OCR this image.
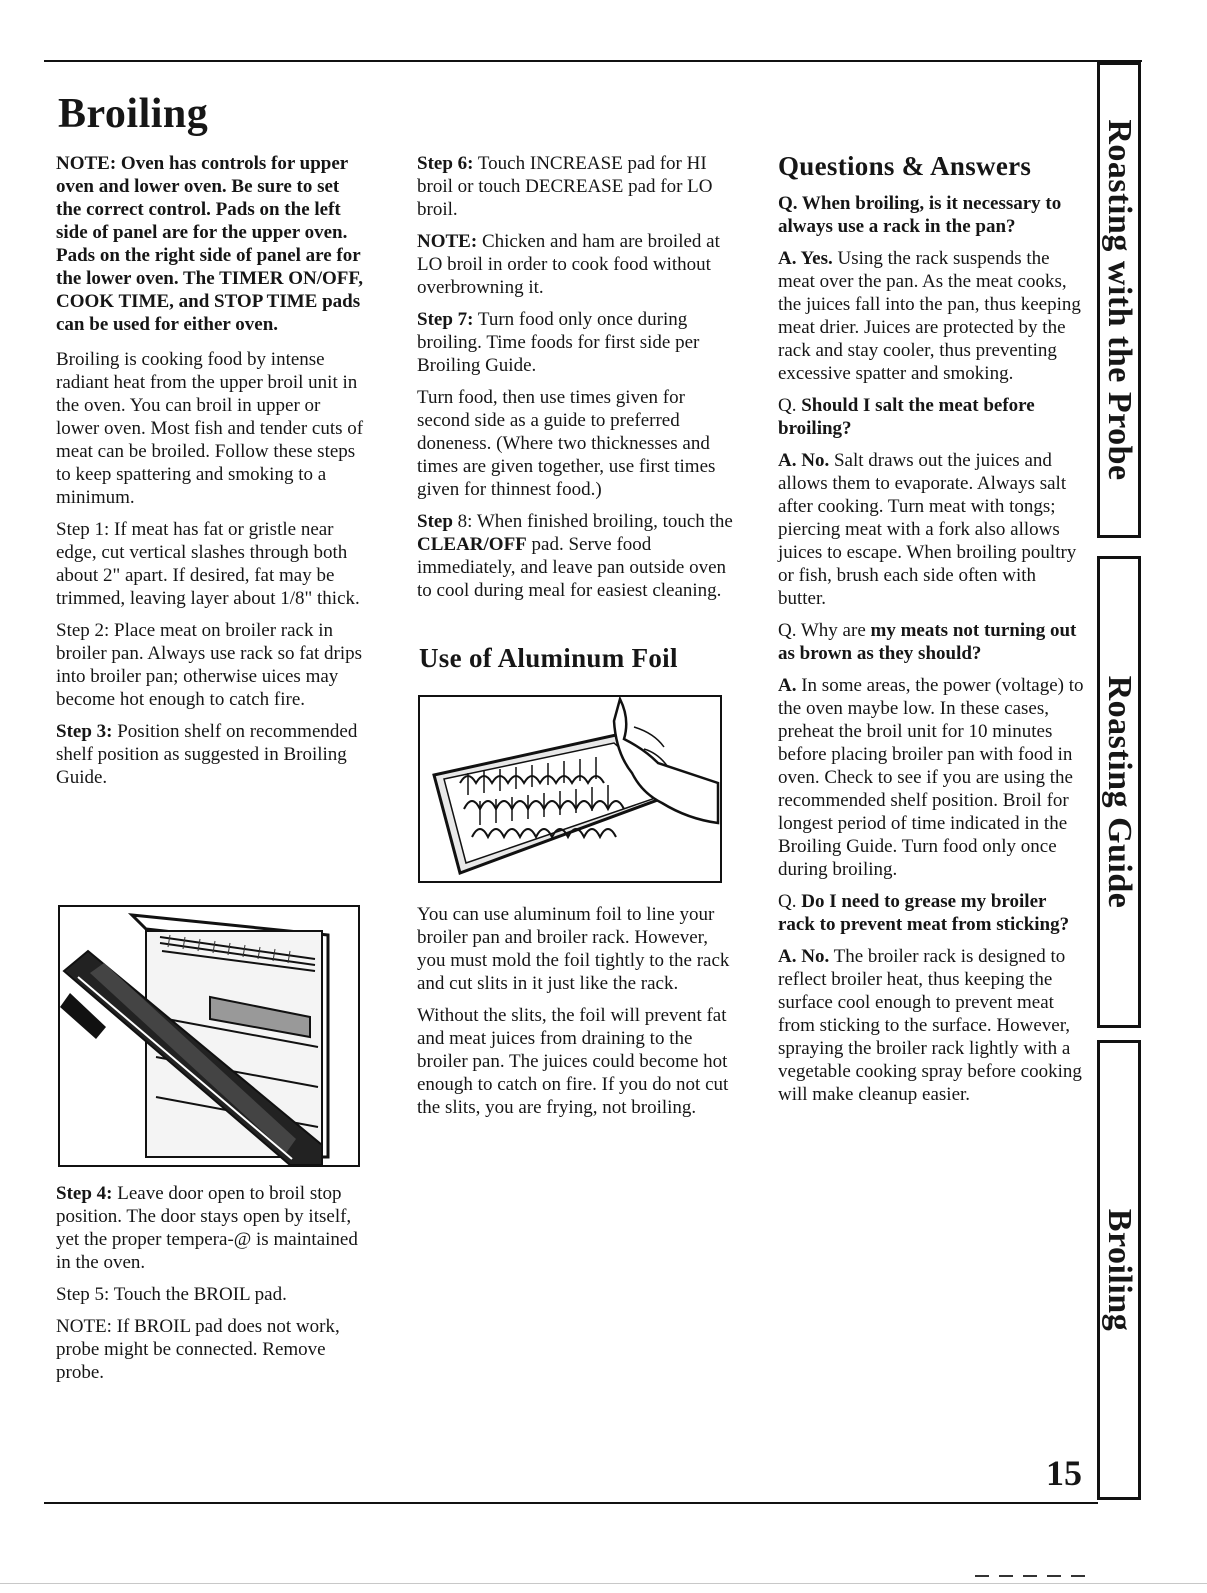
Broiling

NOTE: Oven has controls for upper oven and lower oven. Be sure to set the correct control. Pads on the left side of panel are for the upper oven. Pads on the right side of panel are for the lower oven. The TIMER ON/OFF, COOK TIME, and STOP TIME pads can be used for either oven.

Broiling is cooking food by intense radiant heat from the upper broil unit in the oven. You can broil in upper or lower oven. Most fish and tender cuts of meat can be broiled. Follow these steps to keep spattering and smoking to a minimum.

Step 1: If meat has fat or gristle near edge, cut vertical slashes through both about 2" apart. If desired, fat may be trimmed, leaving layer about 1/8" thick.

Step 2: Place meat on broiler rack in broiler pan. Always use rack so fat drips into broiler pan; otherwise uices may become hot enough to catch fire.

Step 3: Position shelf on recommended shelf position as suggested in Broiling Guide.

Step 4: Leave door open to broil stop position. The door stays open by itself, yet the proper tempera-@ is maintained in the oven.

Step 5: Touch the BROIL pad.

NOTE: If BROIL pad does not work, probe might be connected. Remove probe.

Step 6: Touch INCREASE pad for HI broil or touch DECREASE pad for LO broil.

NOTE: Chicken and ham are broiled at LO broil in order to cook food without overbrowning it.

Step 7: Turn food only once during broiling. Time foods for first side per Broiling Guide.

Turn food, then use times given for second side as a guide to preferred doneness. (Where two thicknesses and times are given together, use first times given for thinnest food.)

Step 8: When finished broiling, touch the CLEAR/OFF pad. Serve food immediately, and leave pan outside oven to cool during meal for easiest cleaning.

Use of Aluminum Foil

You can use aluminum foil to line your broiler pan and broiler rack. However, you must mold the foil tightly to the rack and cut slits in it just like the rack.

Without the slits, the foil will prevent fat and meat juices from draining to the broiler pan. The juices could become hot enough to catch on fire. If you do not cut the slits, you are frying, not broiling.

Questions & Answers

Q. When broiling, is it necessary to always use a rack in the pan?

A. Yes. Using the rack suspends the meat over the pan. As the meat cooks, the juices fall into the pan, thus keeping meat drier. Juices are protected by the rack and stay cooler, thus preventing excessive spatter and smoking.

Q. Should I salt the meat before broiling?

A. No. Salt draws out the juices and allows them to evaporate. Always salt after cooking. Turn meat with tongs; piercing meat with a fork also allows juices to escape. When broiling poultry or fish, brush each side often with butter.

Q. Why are my meats not turning out as brown as they should?

A. In some areas, the power (voltage) to the oven maybe low. In these cases, preheat the broil unit for 10 minutes before placing broiler pan with food in oven. Check to see if you are using the recommended shelf position. Broil for longest period of time indicated in the Broiling Guide. Turn food only once during broiling.

Q. Do I need to grease my broiler rack to prevent meat from sticking?

A. No. The broiler rack is designed to reflect broiler heat, thus keeping the surface cool enough to prevent meat from sticking to the surface. However, spraying the broiler rack lightly with a vegetable cooking spray before cooking will make cleanup easier.

Roasting with the Probe
Roasting Guide
Broiling

15
